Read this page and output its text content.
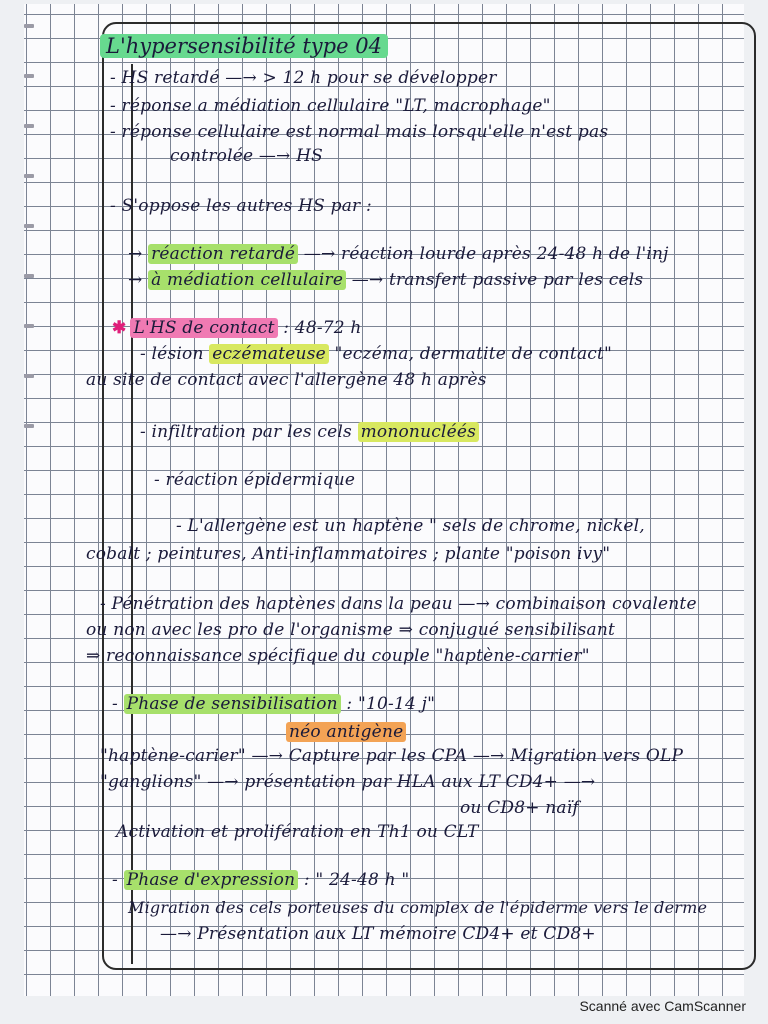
L'hypersensibilité type 04
- HS retardé —→ > 12 h pour se développer
- réponse a médiation cellulaire "LT, macrophage"
- réponse cellulaire est normal mais lorsqu'elle n'est pas
controlée —→ HS
- S'oppose les autres HS par :
→ réaction retardé —→ réaction lourde après 24-48 h de l'inj
→ à médiation cellulaire —→ transfert passive par les cels
✱ L'HS de contact : 48-72 h
- lésion eczémateuse "eczéma, dermatite de contact"
au site de contact avec l'allergène 48 h après
- infiltration par les cels mononucléés
- réaction épidermique
- L'allergène est un haptène " sels de chrome, nickel,
cobalt ; peintures, Anti-inflammatoires ; plante "poison ivy"
- Pénétration des haptènes dans la peau —→ combinaison covalente
ou non avec les pro de l'organisme ⇒ conjugué sensibilisant
⇒ reconnaissance spécifique du couple "haptène-carrier"
- Phase de sensibilisation : "10-14 j"
néo antigène
"haptène-carier" —→ Capture par les CPA —→ Migration vers OLP
"ganglions" —→ présentation par HLA aux LT CD4+ —→
ou CD8+ naïf
Activation et prolifération en Th1 ou CLT
- Phase d'expression : " 24-48 h "
Migration des cels porteuses du complex de l'épiderme vers le derme
—→ Présentation aux LT mémoire CD4+ et CD8+
Scanné avec CamScanner
